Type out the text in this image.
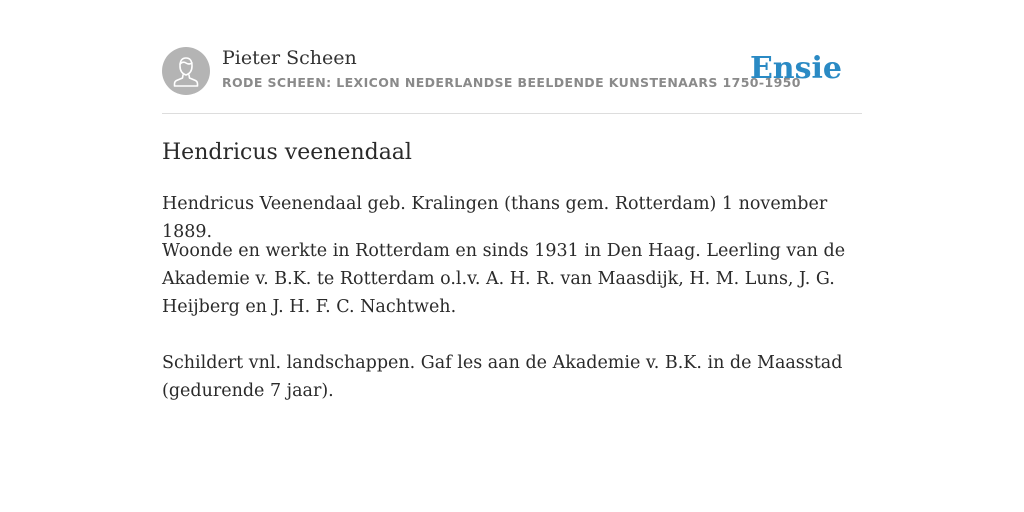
Pieter Scheen
RODE SCHEEN: LEXICON NEDERLANDSE BEELDENDE KUNSTENAARS 1750-1950
Ensie
Hendricus veenendaal

Hendricus Veenendaal geb. Kralingen (thans gem. Rotterdam) 1 november 1889.

Woonde en werkte in Rotterdam en sinds 1931 in Den Haag. Leerling van de Akademie v. B.K. te Rotterdam o.l.v. A. H. R. van Maasdijk, H. M. Luns, J. G. Heijberg en J. H. F. C. Nachtweh.

Schildert vnl. landschappen. Gaf les aan de Akademie v. B.K. in de Maasstad (gedurende 7 jaar).
